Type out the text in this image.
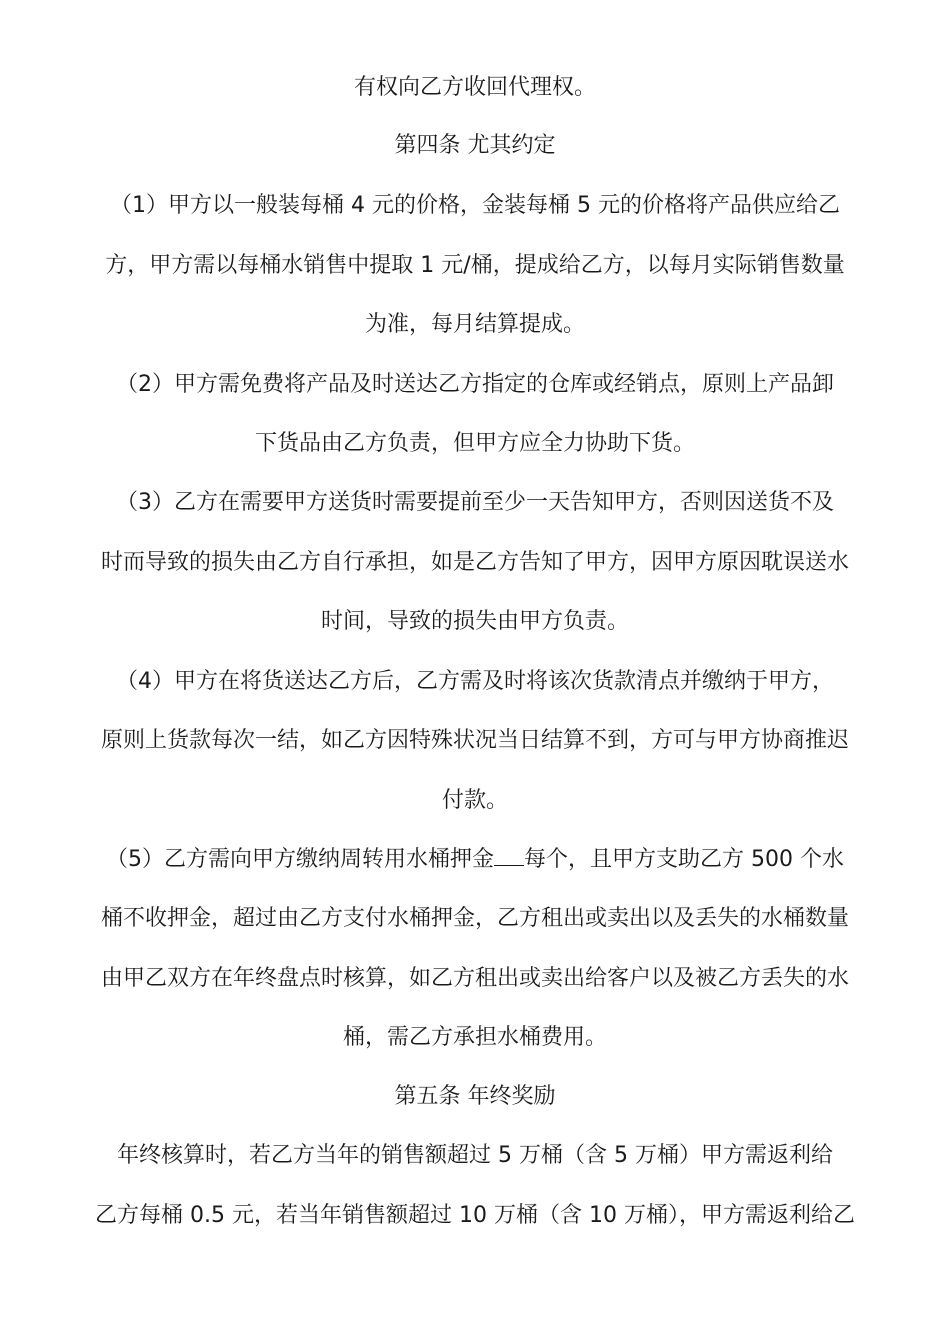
有权向乙方收回代理权。
第四条 尤其约定
（1）甲方以一般装每桶 4 元的价格，金装每桶 5 元的价格将产品供应给乙
方，甲方需以每桶水销售中提取 1 元/桶，提成给乙方，以每月实际销售数量
为准，每月结算提成。
（2）甲方需免费将产品及时送达乙方指定的仓库或经销点，原则上产品卸
下货品由乙方负责，但甲方应全力协助下货。
（3）乙方在需要甲方送货时需要提前至少一天告知甲方，否则因送货不及
时而导致的损失由乙方自行承担，如是乙方告知了甲方，因甲方原因耽误送水
时间，导致的损失由甲方负责。
（4）甲方在将货送达乙方后，乙方需及时将该次货款清点并缴纳于甲方，
原则上货款每次一结，如乙方因特殊状况当日结算不到，方可与甲方协商推迟
付款。
（5）乙方需向甲方缴纳周转用水桶押金 每个，且甲方支助乙方 500 个水
桶不收押金，超过由乙方支付水桶押金，乙方租出或卖出以及丢失的水桶数量
由甲乙双方在年终盘点时核算，如乙方租出或卖出给客户以及被乙方丢失的水
桶，需乙方承担水桶费用。
第五条 年终奖励
年终核算时，若乙方当年的销售额超过 5 万桶（含 5 万桶）甲方需返利给
乙方每桶 0.5 元，若当年销售额超过 10 万桶（含 10 万桶），甲方需返利给乙
